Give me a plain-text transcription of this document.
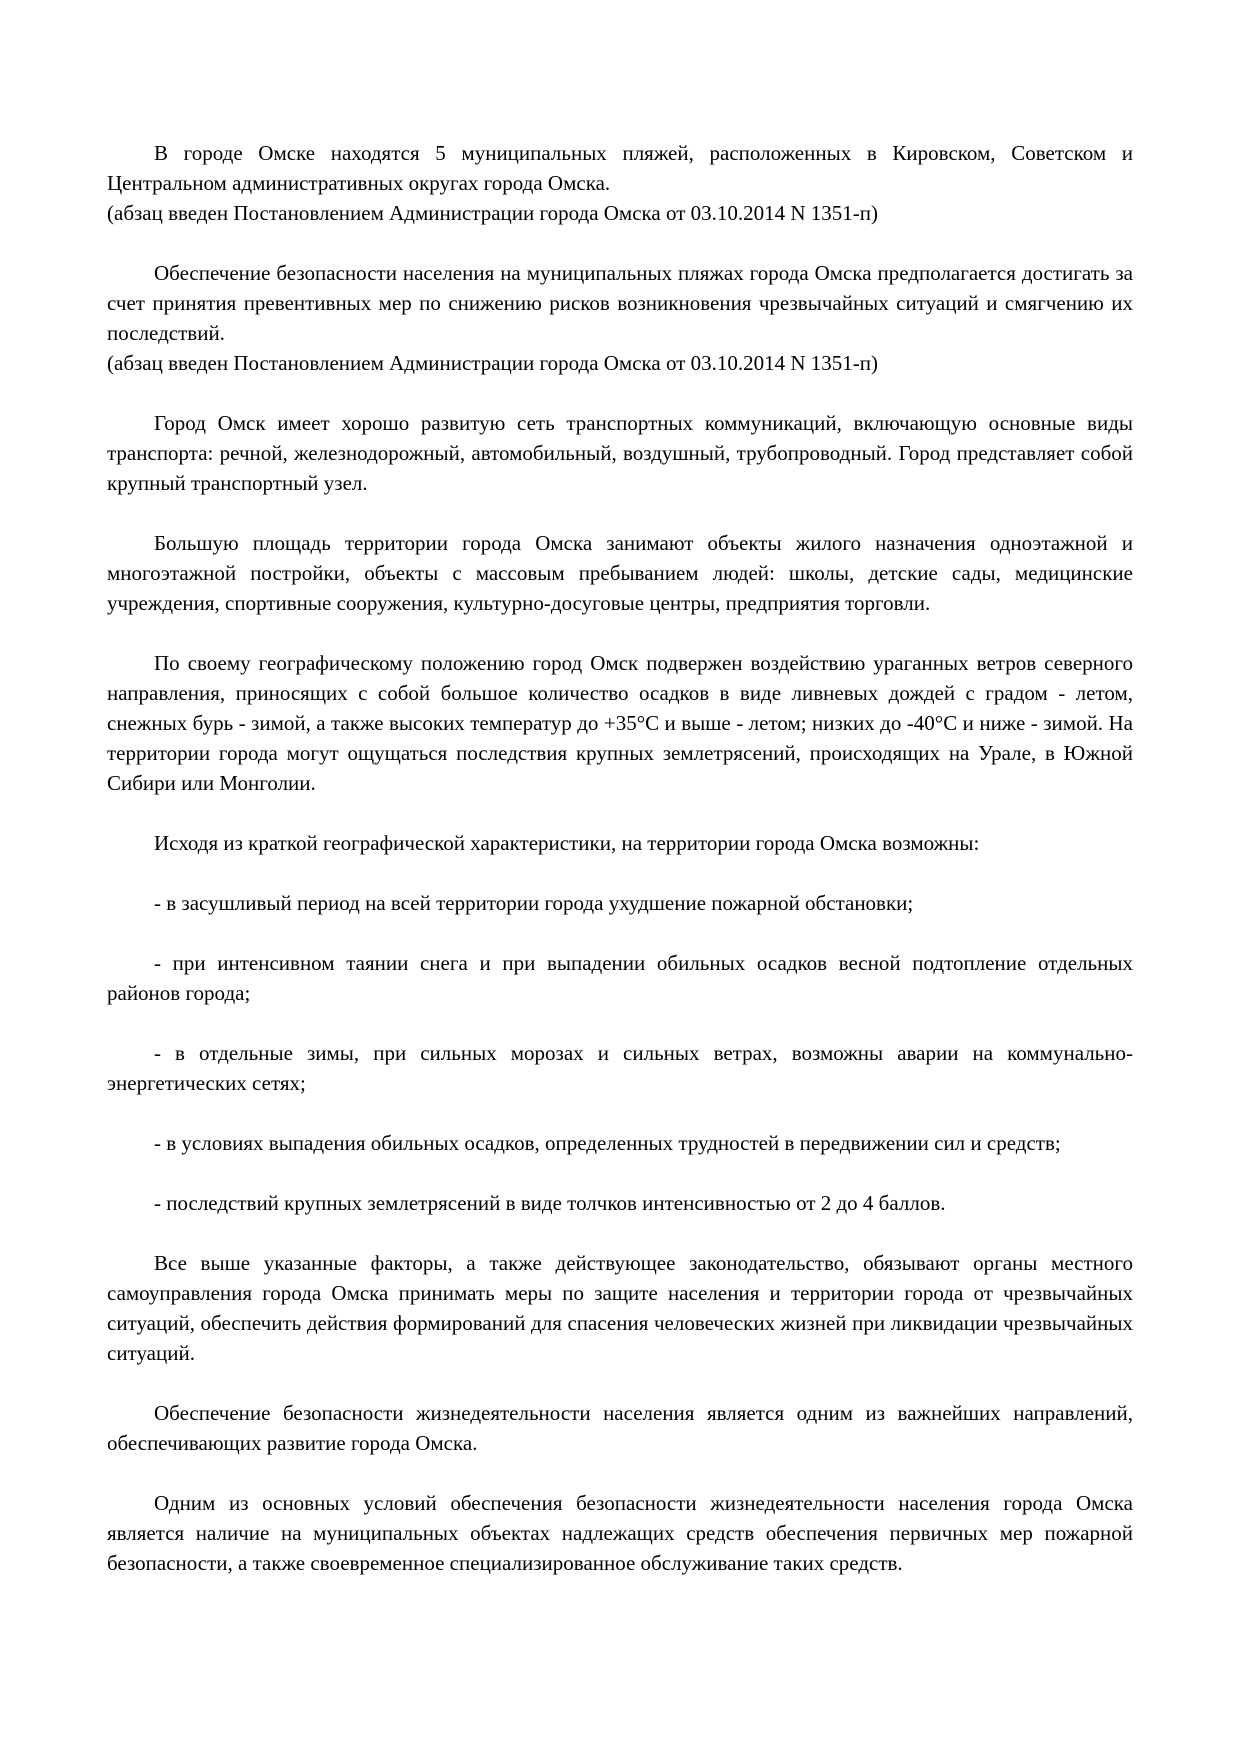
В городе Омске находятся 5 муниципальных пляжей, расположенных в Кировском, Советском и Центральном административных округах города Омска.

(абзац введен Постановлением Администрации города Омска от 03.10.2014 N 1351-п)

Обеспечение безопасности населения на муниципальных пляжах города Омска предполагается достигать за счет принятия превентивных мер по снижению рисков возникновения чрезвычайных ситуаций и смягчению их последствий.

(абзац введен Постановлением Администрации города Омска от 03.10.2014 N 1351-п)

Город Омск имеет хорошо развитую сеть транспортных коммуникаций, включающую основные виды транспорта: речной, железнодорожный, автомобильный, воздушный, трубопроводный. Город представляет собой крупный транспортный узел.

Большую площадь территории города Омска занимают объекты жилого назначения одноэтажной и многоэтажной постройки, объекты с массовым пребыванием людей: школы, детские сады, медицинские учреждения, спортивные сооружения, культурно-досуговые центры, предприятия торговли.

По своему географическому положению город Омск подвержен воздействию ураганных ветров северного направления, приносящих с собой большое количество осадков в виде ливневых дождей с градом - летом, снежных бурь - зимой, а также высоких температур до +35°С и выше - летом; низких до -40°С и ниже - зимой. На территории города могут ощущаться последствия крупных землетрясений, происходящих на Урале, в Южной Сибири или Монголии.

Исходя из краткой географической характеристики, на территории города Омска возможны:

- в засушливый период на всей территории города ухудшение пожарной обстановки;

- при интенсивном таянии снега и при выпадении обильных осадков весной подтопление отдельных районов города;

- в отдельные зимы, при сильных морозах и сильных ветрах, возможны аварии на коммунально-энергетических сетях;

- в условиях выпадения обильных осадков, определенных трудностей в передвижении сил и средств;

- последствий крупных землетрясений в виде толчков интенсивностью от 2 до 4 баллов.

Все выше указанные факторы, а также действующее законодательство, обязывают органы местного самоуправления города Омска принимать меры по защите населения и территории города от чрезвычайных ситуаций, обеспечить действия формирований для спасения человеческих жизней при ликвидации чрезвычайных ситуаций.

Обеспечение безопасности жизнедеятельности населения является одним из важнейших направлений, обеспечивающих развитие города Омска.

Одним из основных условий обеспечения безопасности жизнедеятельности населения города Омска является наличие на муниципальных объектах надлежащих средств обеспечения первичных мер пожарной безопасности, а также своевременное специализированное обслуживание таких средств.
